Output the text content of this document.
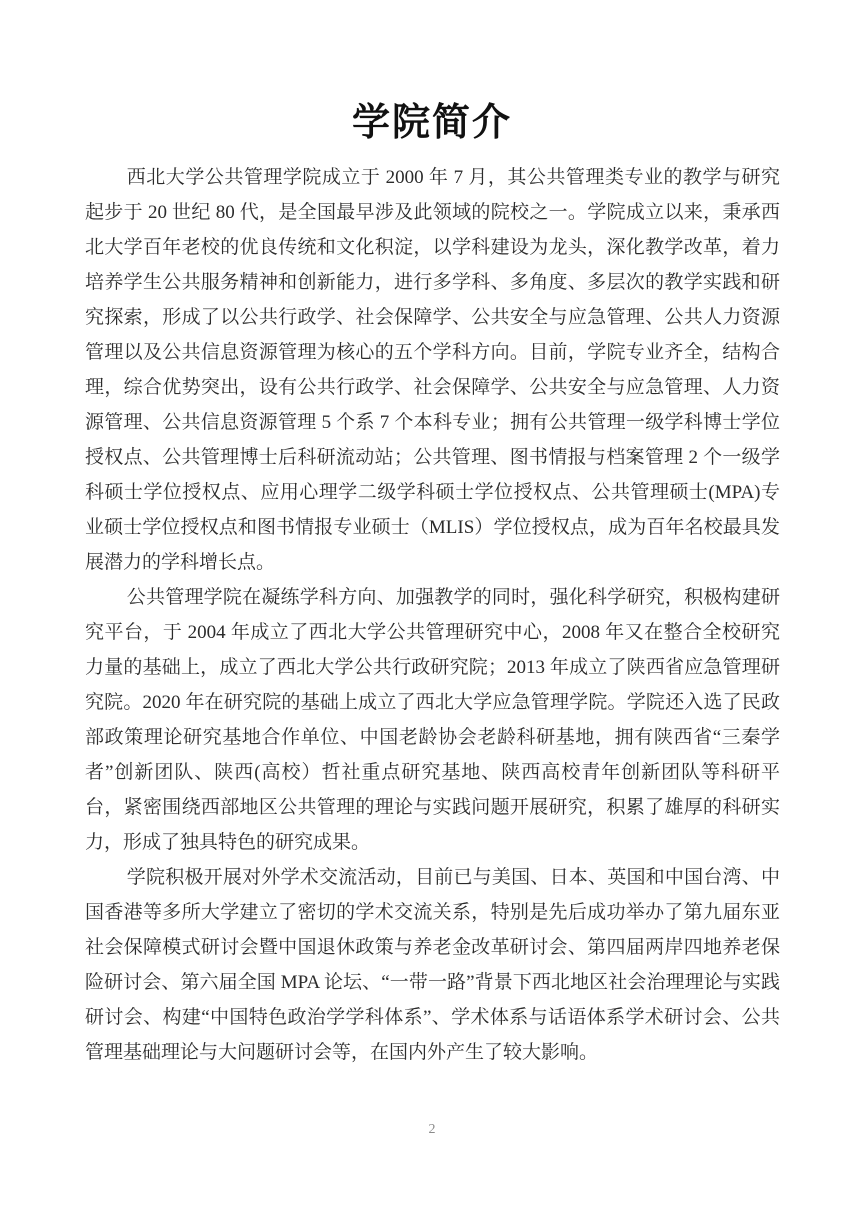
学院简介

西北大学公共管理学院成立于 2000 年 7 月，其公共管理类专业的教学与研究起步于 20 世纪 80 代，是全国最早涉及此领域的院校之一。学院成立以来，秉承西北大学百年老校的优良传统和文化积淀，以学科建设为龙头，深化教学改革，着力培养学生公共服务精神和创新能力，进行多学科、多角度、多层次的教学实践和研究探索，形成了以公共行政学、社会保障学、公共安全与应急管理、公共人力资源管理以及公共信息资源管理为核心的五个学科方向。目前，学院专业齐全，结构合理，综合优势突出，设有公共行政学、社会保障学、公共安全与应急管理、人力资源管理、公共信息资源管理 5 个系 7 个本科专业；拥有公共管理一级学科博士学位授权点、公共管理博士后科研流动站；公共管理、图书情报与档案管理 2 个一级学科硕士学位授权点、应用心理学二级学科硕士学位授权点、公共管理硕士(MPA)专业硕士学位授权点和图书情报专业硕士（MLIS）学位授权点，成为百年名校最具发展潜力的学科增长点。

公共管理学院在凝练学科方向、加强教学的同时，强化科学研究，积极构建研究平台，于 2004 年成立了西北大学公共管理研究中心，2008 年又在整合全校研究力量的基础上，成立了西北大学公共行政研究院；2013 年成立了陕西省应急管理研究院。2020 年在研究院的基础上成立了西北大学应急管理学院。学院还入选了民政部政策理论研究基地合作单位、中国老龄协会老龄科研基地，拥有陕西省“三秦学者”创新团队、陕西(高校）哲社重点研究基地、陕西高校青年创新团队等科研平台，紧密围绕西部地区公共管理的理论与实践问题开展研究，积累了雄厚的科研实力，形成了独具特色的研究成果。

学院积极开展对外学术交流活动，目前已与美国、日本、英国和中国台湾、中国香港等多所大学建立了密切的学术交流关系，特别是先后成功举办了第九届东亚社会保障模式研讨会暨中国退休政策与养老金改革研讨会、第四届两岸四地养老保险研讨会、第六届全国 MPA 论坛、“一带一路”背景下西北地区社会治理理论与实践研讨会、构建“中国特色政治学学科体系”、学术体系与话语体系学术研讨会、公共管理基础理论与大问题研讨会等，在国内外产生了较大影响。

2
